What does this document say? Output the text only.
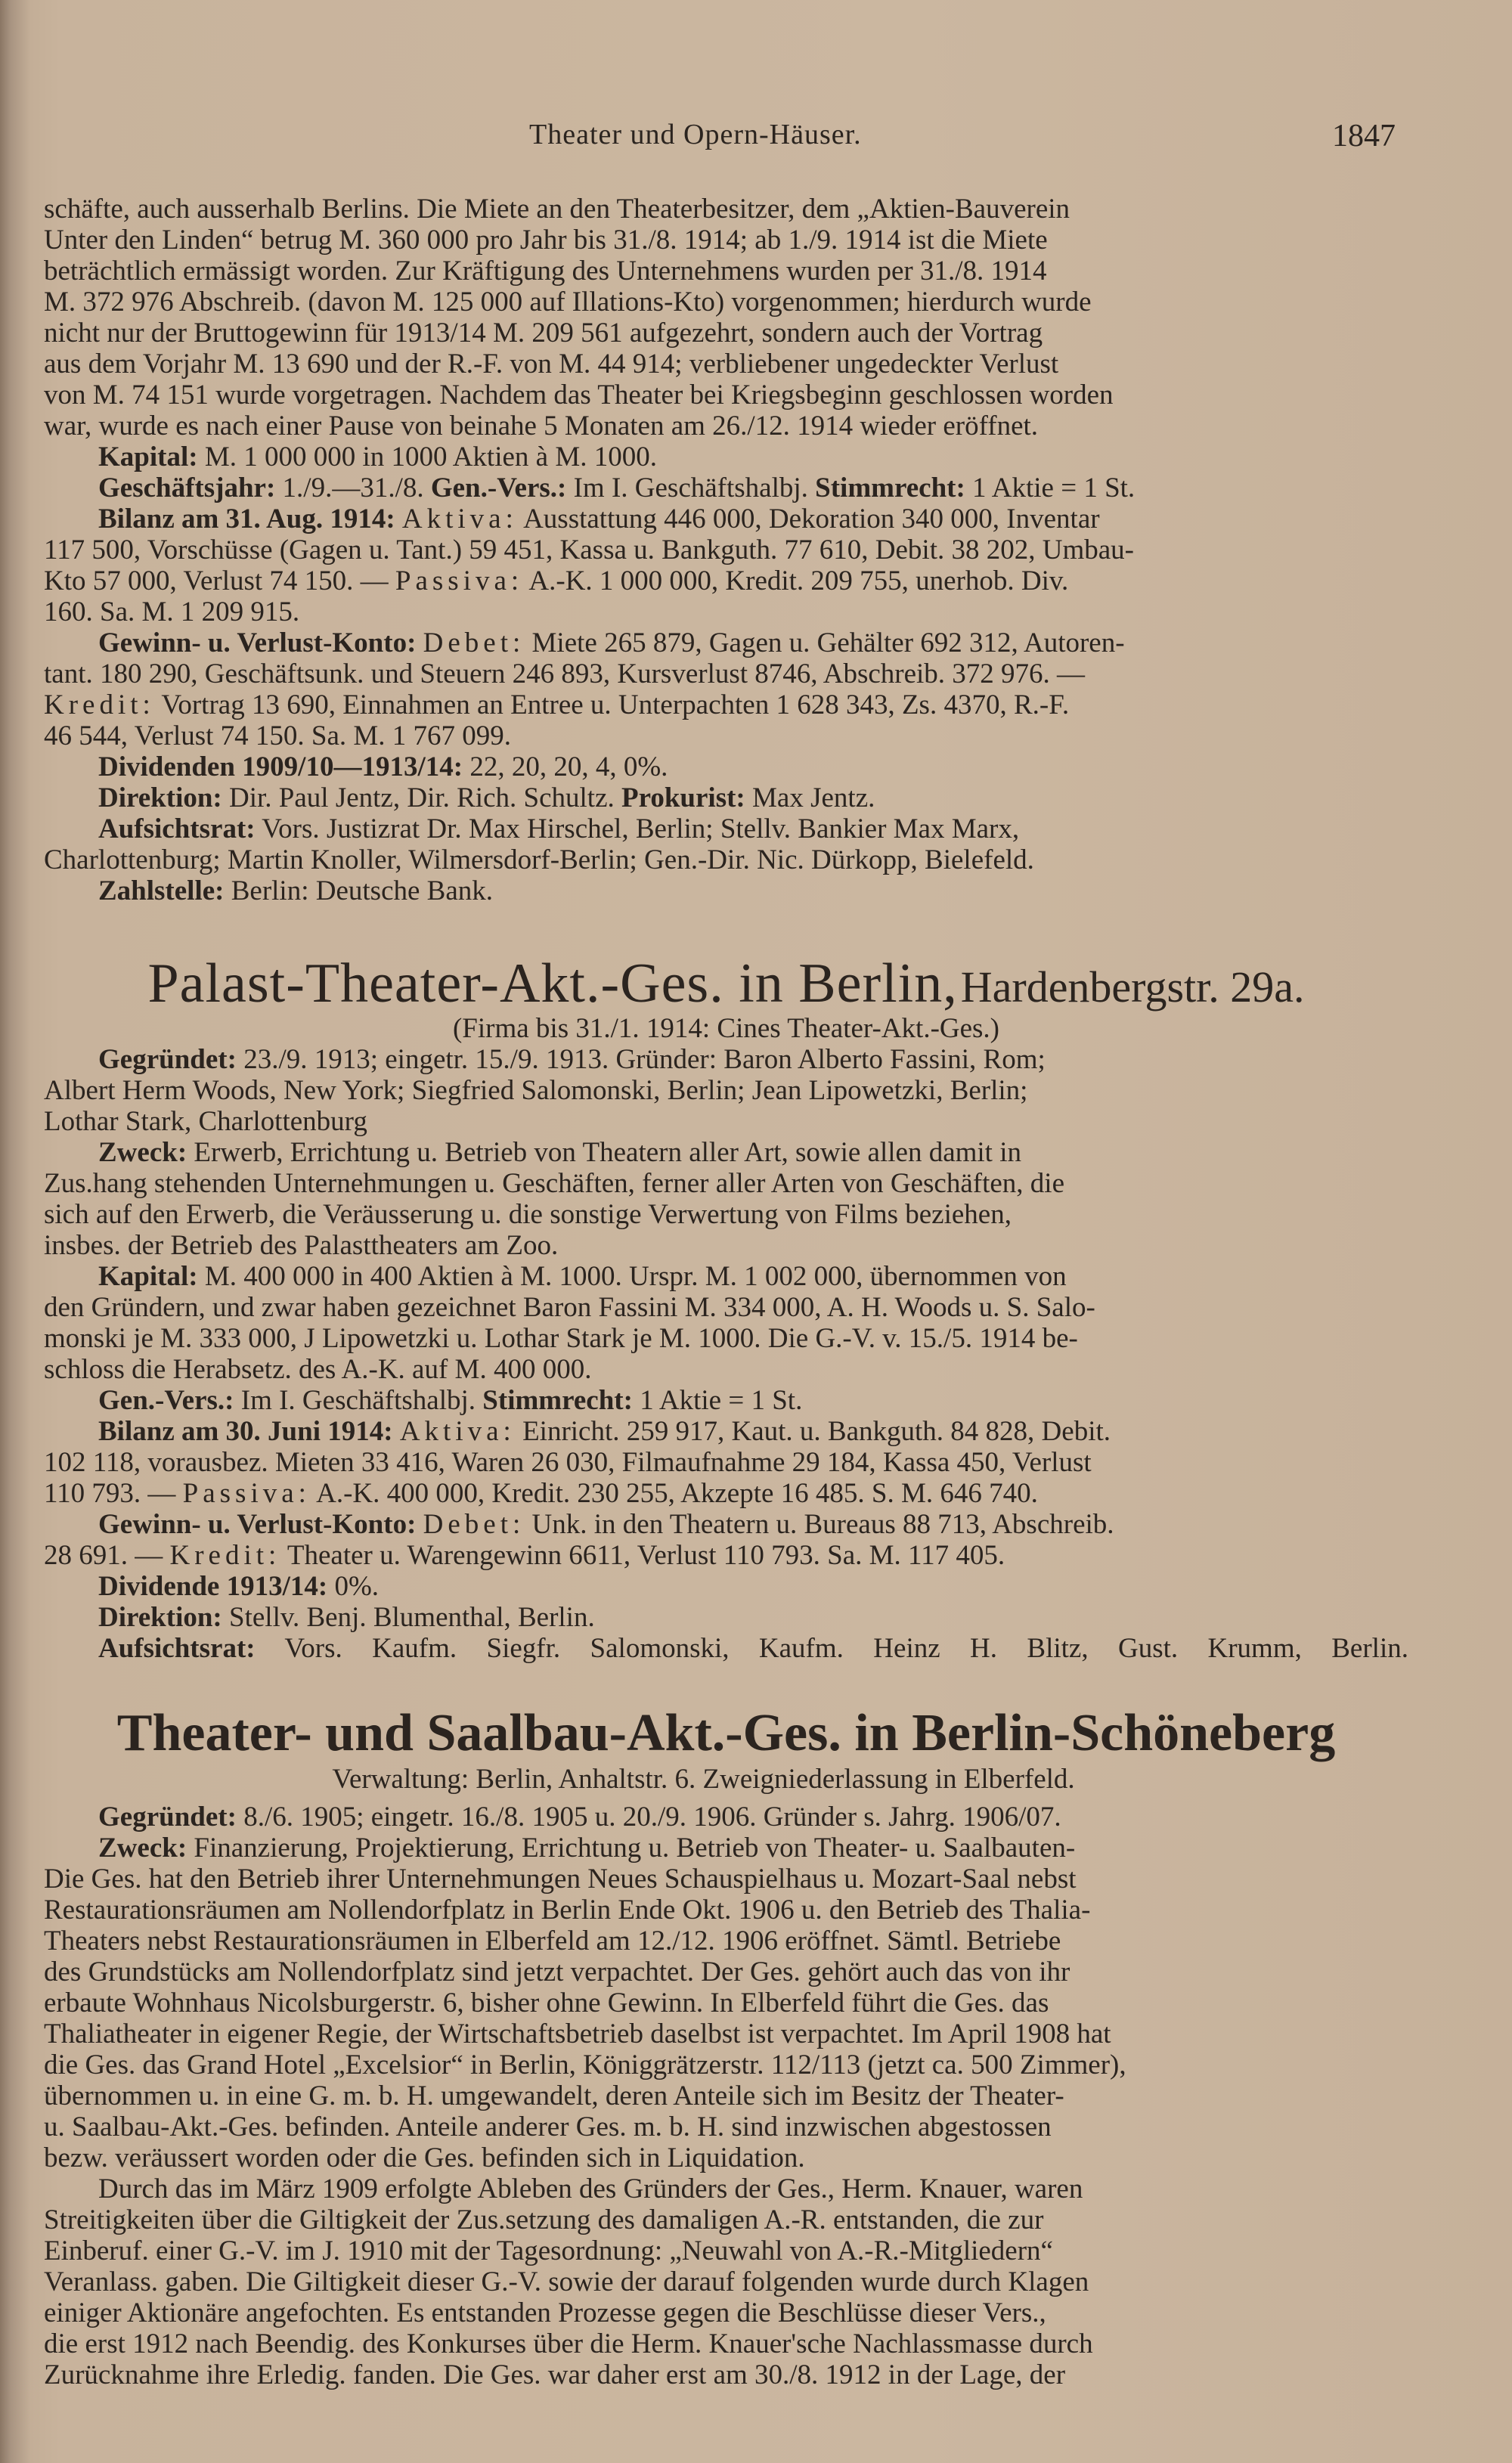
Theater und Opern-Häuser.	1847
schäfte, auch ausserhalb Berlins. Die Miete an den Theaterbesitzer, dem „Aktien-Bauverein
Unter den Linden“ betrug M. 360 000 pro Jahr bis 31./8. 1914; ab 1./9. 1914 ist die Miete
beträchtlich ermässigt worden. Zur Kräftigung des Unternehmens wurden per 31./8. 1914
M. 372 976 Abschreib. (davon M. 125 000 auf Illations-Kto) vorgenommen; hierdurch wurde
nicht nur der Bruttogewinn für 1913/14 M. 209 561 aufgezehrt, sondern auch der Vortrag
aus dem Vorjahr M. 13 690 und der R.-F. von M. 44 914; verbliebener ungedeckter Verlust
von M. 74 151 wurde vorgetragen. Nachdem das Theater bei Kriegsbeginn geschlossen worden
war, wurde es nach einer Pause von beinahe 5 Monaten am 26./12. 1914 wieder eröffnet.
Kapital: M. 1 000 000 in 1000 Aktien à M. 1000.
Geschäftsjahr: 1./9.—31./8. Gen.-Vers.: Im I. Geschäftshalbj. Stimmrecht: 1 Aktie = 1 St.
Bilanz am 31. Aug. 1914: Aktiva: Ausstattung 446 000, Dekoration 340 000, Inventar
117 500, Vorschüsse (Gagen u. Tant.) 59 451, Kassa u. Bankguth. 77 610, Debit. 38 202, Umbau-
Kto 57 000, Verlust 74 150. — Passiva: A.-K. 1 000 000, Kredit. 209 755, unerhob. Div.
160. Sa. M. 1 209 915.
Gewinn- u. Verlust-Konto: Debet: Miete 265 879, Gagen u. Gehälter 692 312, Autoren-
tant. 180 290, Geschäftsunk. und Steuern 246 893, Kursverlust 8746, Abschreib. 372 976. —
Kredit: Vortrag 13 690, Einnahmen an Entree u. Unterpachten 1 628 343, Zs. 4370, R.-F.
46 544, Verlust 74 150. Sa. M. 1 767 099.
Dividenden 1909/10—1913/14: 22, 20, 20, 4, 0%.
Direktion: Dir. Paul Jentz, Dir. Rich. Schultz. Prokurist: Max Jentz.
Aufsichtsrat: Vors. Justizrat Dr. Max Hirschel, Berlin; Stellv. Bankier Max Marx,
Charlottenburg; Martin Knoller, Wilmersdorf-Berlin; Gen.-Dir. Nic. Dürkopp, Bielefeld.
Zahlstelle: Berlin: Deutsche Bank.
Palast-Theater-Akt.-Ges. in Berlin, Hardenbergstr. 29a.
(Firma bis 31./1. 1914: Cines Theater-Akt.-Ges.)
Gegründet: 23./9. 1913; eingetr. 15./9. 1913. Gründer: Baron Alberto Fassini, Rom;
Albert Herm Woods, New York; Siegfried Salomonski, Berlin; Jean Lipowetzki, Berlin;
Lothar Stark, Charlottenburg
Zweck: Erwerb, Errichtung u. Betrieb von Theatern aller Art, sowie allen damit in
Zus.hang stehenden Unternehmungen u. Geschäften, ferner aller Arten von Geschäften, die
sich auf den Erwerb, die Veräusserung u. die sonstige Verwertung von Films beziehen,
insbes. der Betrieb des Palasttheaters am Zoo.
Kapital: M. 400 000 in 400 Aktien à M. 1000. Urspr. M. 1 002 000, übernommen von
den Gründern, und zwar haben gezeichnet Baron Fassini M. 334 000, A. H. Woods u. S. Salo-
monski je M. 333 000, J Lipowetzki u. Lothar Stark je M. 1000. Die G.-V. v. 15./5. 1914 be-
schloss die Herabsetz. des A.-K. auf M. 400 000.
Gen.-Vers.: Im I. Geschäftshalbj. Stimmrecht: 1 Aktie = 1 St.
Bilanz am 30. Juni 1914: Aktiva: Einricht. 259 917, Kaut. u. Bankguth. 84 828, Debit.
102 118, vorausbez. Mieten 33 416, Waren 26 030, Filmaufnahme 29 184, Kassa 450, Verlust
110 793. — Passiva: A.-K. 400 000, Kredit. 230 255, Akzepte 16 485. S. M. 646 740.
Gewinn- u. Verlust-Konto: Debet: Unk. in den Theatern u. Bureaus 88 713, Abschreib.
28 691. — Kredit: Theater u. Warengewinn 6611, Verlust 110 793. Sa. M. 117 405.
Dividende 1913/14: 0%.
Direktion: Stellv. Benj. Blumenthal, Berlin.
Aufsichtsrat: Vors. Kaufm. Siegfr. Salomonski, Kaufm. Heinz H. Blitz, Gust. Krumm, Berlin.
Theater- und Saalbau-Akt.-Ges. in Berlin-Schöneberg
Verwaltung: Berlin, Anhaltstr. 6. Zweigniederlassung in Elberfeld.
Gegründet: 8./6. 1905; eingetr. 16./8. 1905 u. 20./9. 1906. Gründer s. Jahrg. 1906/07.
Zweck: Finanzierung, Projektierung, Errichtung u. Betrieb von Theater- u. Saalbauten-
Die Ges. hat den Betrieb ihrer Unternehmungen Neues Schauspielhaus u. Mozart-Saal nebst
Restaurationsräumen am Nollendorfplatz in Berlin Ende Okt. 1906 u. den Betrieb des Thalia-
Theaters nebst Restaurationsräumen in Elberfeld am 12./12. 1906 eröffnet. Sämtl. Betriebe
des Grundstücks am Nollendorfplatz sind jetzt verpachtet. Der Ges. gehört auch das von ihr
erbaute Wohnhaus Nicolsburgerstr. 6, bisher ohne Gewinn. In Elberfeld führt die Ges. das
Thaliatheater in eigener Regie, der Wirtschaftsbetrieb daselbst ist verpachtet. Im April 1908 hat
die Ges. das Grand Hotel „Excelsior“ in Berlin, Königgrätzerstr. 112/113 (jetzt ca. 500 Zimmer),
übernommen u. in eine G. m. b. H. umgewandelt, deren Anteile sich im Besitz der Theater-
u. Saalbau-Akt.-Ges. befinden. Anteile anderer Ges. m. b. H. sind inzwischen abgestossen
bezw. veräussert worden oder die Ges. befinden sich in Liquidation.
Durch das im März 1909 erfolgte Ableben des Gründers der Ges., Herm. Knauer, waren
Streitigkeiten über die Giltigkeit der Zus.setzung des damaligen A.-R. entstanden, die zur
Einberuf. einer G.-V. im J. 1910 mit der Tagesordnung: „Neuwahl von A.-R.-Mitgliedern“
Veranlass. gaben. Die Giltigkeit dieser G.-V. sowie der darauf folgenden wurde durch Klagen
einiger Aktionäre angefochten. Es entstanden Prozesse gegen die Beschlüsse dieser Vers.,
die erst 1912 nach Beendig. des Konkurses über die Herm. Knauer'sche Nachlassmasse durch
Zurücknahme ihre Erledig. fanden. Die Ges. war daher erst am 30./8. 1912 in der Lage, der
